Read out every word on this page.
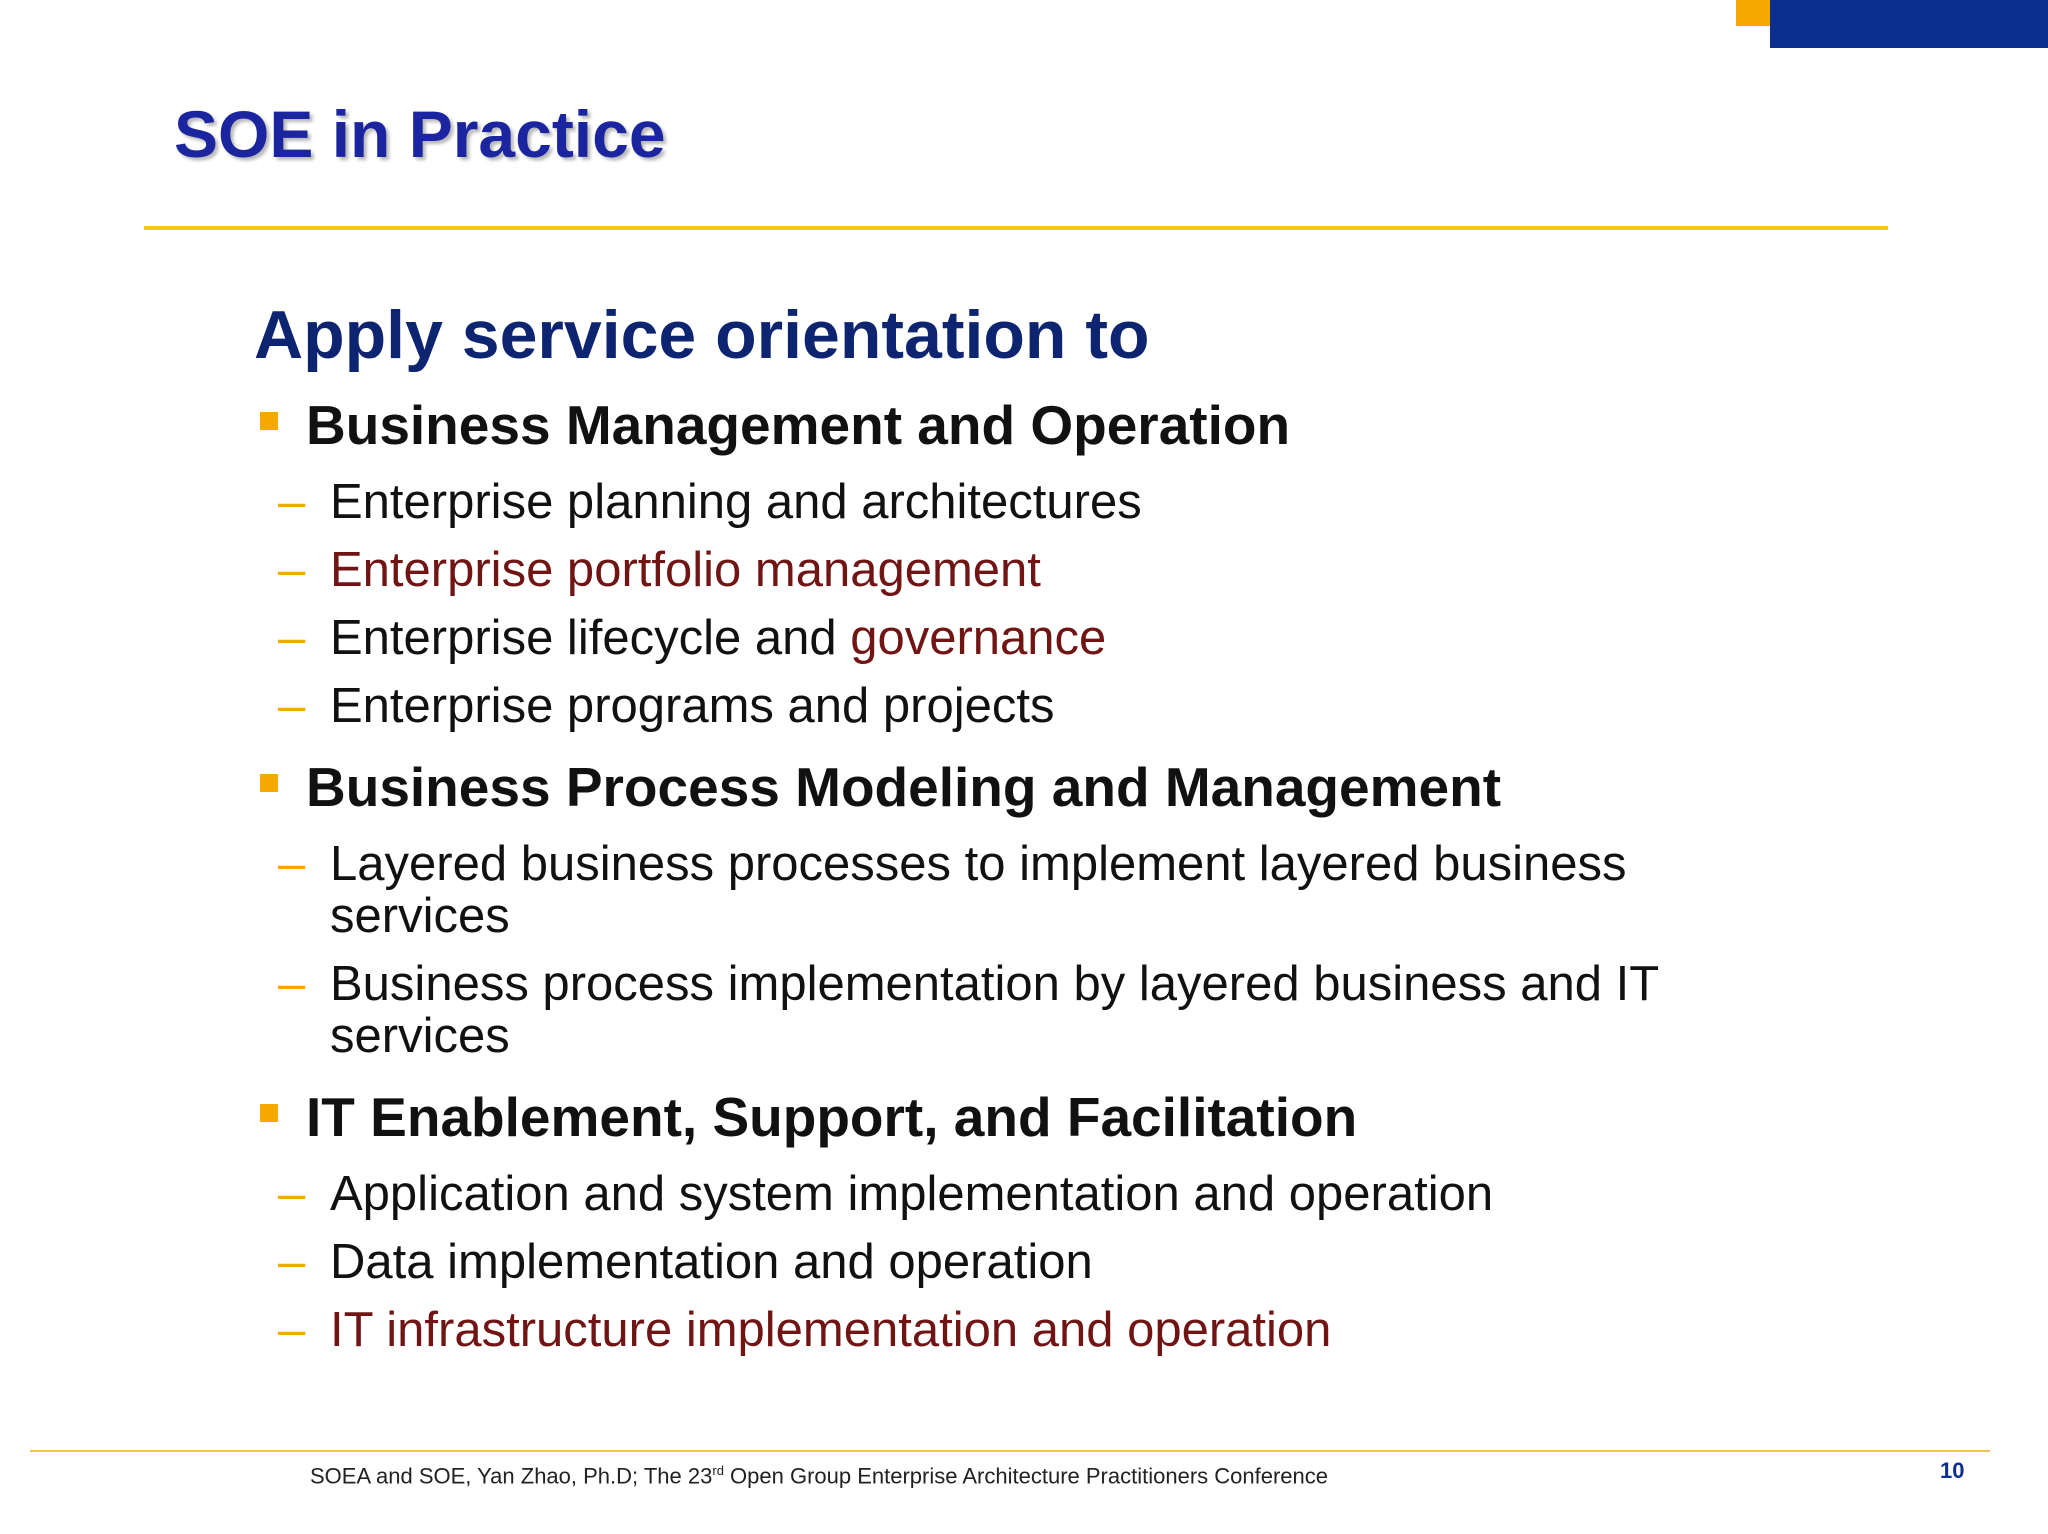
SOE in Practice
Apply service orientation to
Business Management and Operation
– Enterprise planning and architectures
– Enterprise portfolio management
– Enterprise lifecycle and governance
– Enterprise programs and projects
Business Process Modeling and Management
– Layered business processes to implement layered business services
– Business process implementation by layered business and IT services
IT Enablement, Support, and Facilitation
– Application and system implementation and operation
– Data implementation and operation
– IT infrastructure implementation and operation
SOEA and SOE, Yan Zhao, Ph.D; The 23rd Open Group Enterprise Architecture Practitioners Conference	10
